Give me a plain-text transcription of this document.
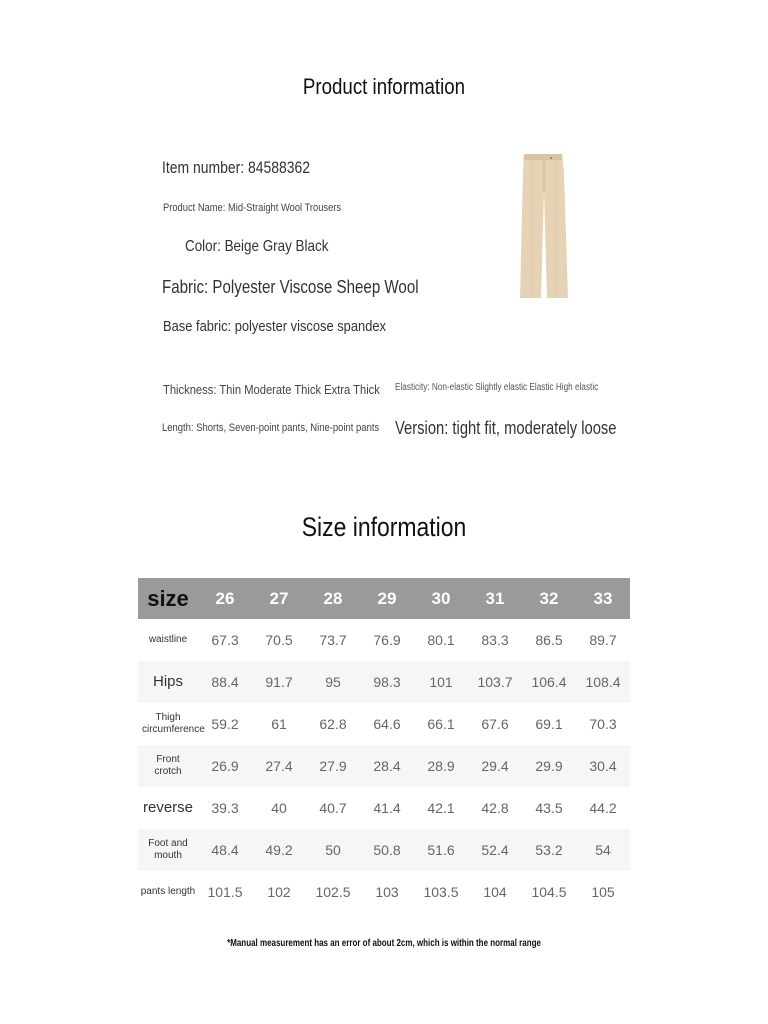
Product information
Item number: 84588362
Product Name: Mid-Straight Wool Trousers
Color: Beige Gray Black
Fabric: Polyester Viscose Sheep Wool
Base fabric: polyester viscose spandex
Thickness: Thin Moderate Thick Extra Thick Elasticity: Non-elastic Slightly elastic Elastic High elastic
Length: Shorts, Seven-point pants, Nine-point pants Version: tight fit, moderately loose
Size information
size	26	27	28	29	30	31	32	33
waistline	67.3	70.5	73.7	76.9	80.1	83.3	86.5	89.7
Hips	88.4	91.7	95	98.3	101	103.7	106.4	108.4
Thigh circumference	59.2	61	62.8	64.6	66.1	67.6	69.1	70.3
Front crotch	26.9	27.4	27.9	28.4	28.9	29.4	29.9	30.4
reverse	39.3	40	40.7	41.4	42.1	42.8	43.5	44.2
Foot and mouth	48.4	49.2	50	50.8	51.6	52.4	53.2	54
pants length	101.5	102	102.5	103	103.5	104	104.5	105
*Manual measurement has an error of about 2cm, which is within the normal range
